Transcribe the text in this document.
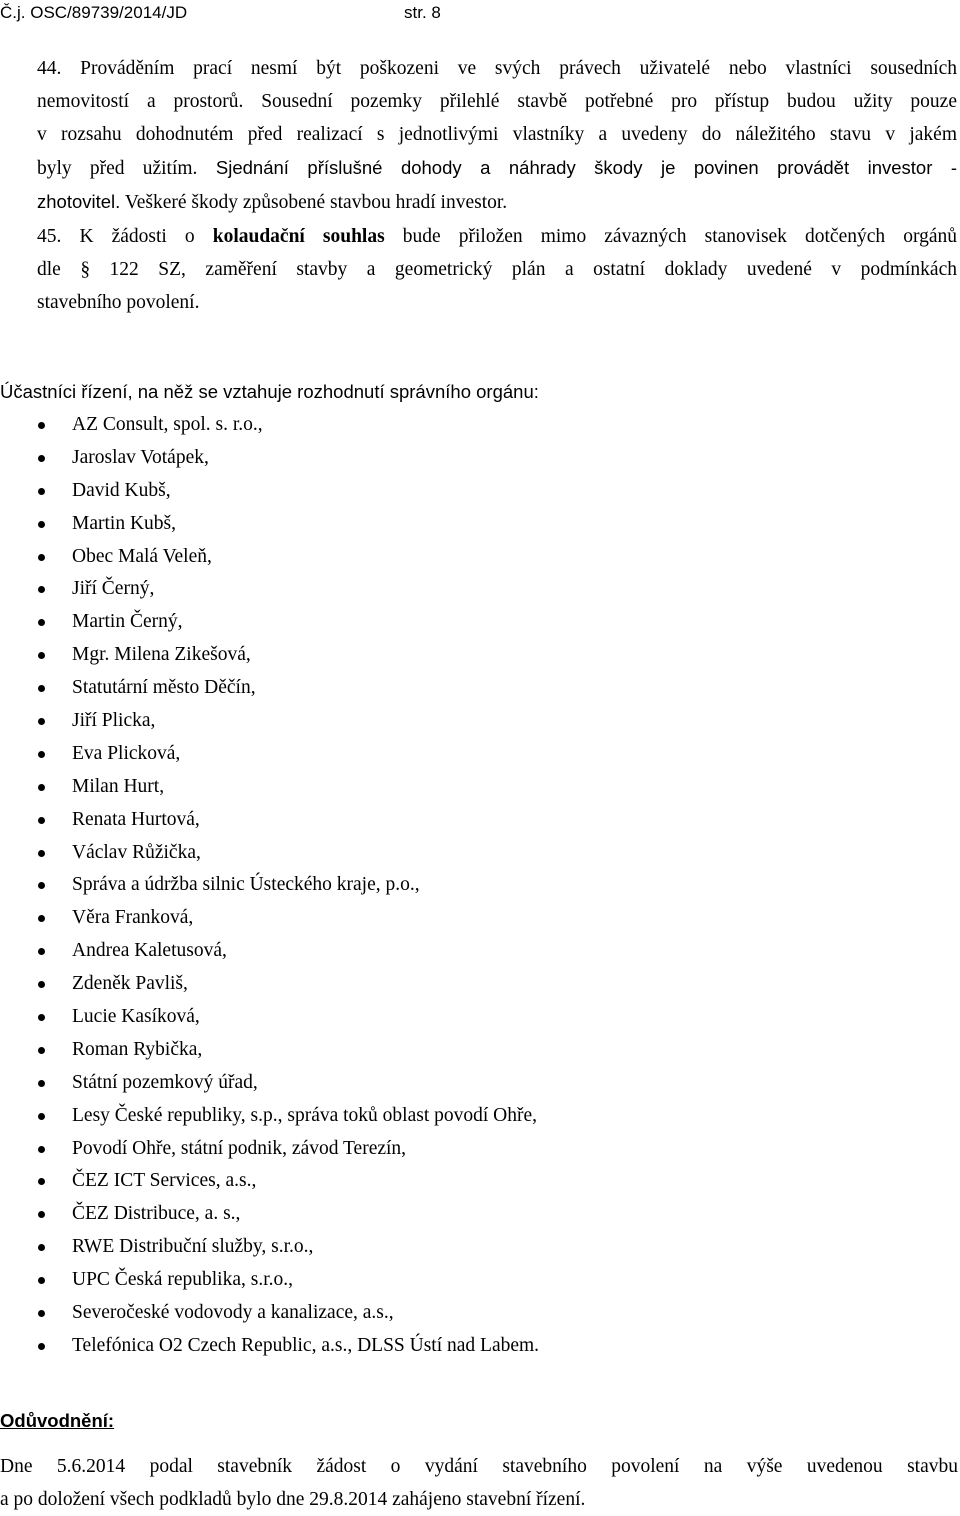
Č.j. OSC/89739/2014/JD	str. 8
44. Prováděním prací nesmí být poškozeni ve svých právech uživatelé nebo vlastníci sousedních
nemovitostí a prostorů. Sousední pozemky přilehlé stavbě potřebné pro přístup budou užity pouze
v rozsahu dohodnutém před realizací s jednotlivými vlastníky a uvedeny do náležitého stavu v jakém
byly před užitím. Sjednání příslušné dohody a náhrady škody je povinen provádět investor -
zhotovitel. Veškeré škody způsobené stavbou hradí investor.
45. K žádosti o kolaudační souhlas bude přiložen mimo závazných stanovisek dotčených orgánů
dle § 122 SZ, zaměření stavby a geometrický plán a ostatní doklady uvedené v podmínkách
stavebního povolení.
Účastníci řízení, na něž se vztahuje rozhodnutí správního orgánu:
AZ Consult, spol. s. r.o.,
Jaroslav Votápek,
David Kubš,
Martin Kubš,
Obec Malá Veleň,
Jiří Černý,
Martin Černý,
Mgr. Milena Zikešová,
Statutární město Děčín,
Jiří Plicka,
Eva Plicková,
Milan Hurt,
Renata Hurtová,
Václav Růžička,
Správa a údržba silnic Ústeckého kraje, p.o.,
Věra Franková,
Andrea Kaletusová,
Zdeněk Pavliš,
Lucie Kasíková,
Roman Rybička,
Státní pozemkový úřad,
Lesy České republiky, s.p., správa toků oblast povodí Ohře,
Povodí Ohře, státní podnik, závod Terezín,
ČEZ ICT Services, a.s.,
ČEZ Distribuce, a. s.,
RWE Distribuční služby, s.r.o.,
UPC Česká republika, s.r.o.,
Severočeské vodovody a kanalizace, a.s.,
Telefónica O2 Czech Republic, a.s., DLSS Ústí nad Labem.
Odůvodnění:
Dne 5.6.2014 podal stavebník žádost o vydání stavebního povolení na výše uvedenou stavbu
a po doložení všech podkladů bylo dne 29.8.2014 zahájeno stavební řízení.
